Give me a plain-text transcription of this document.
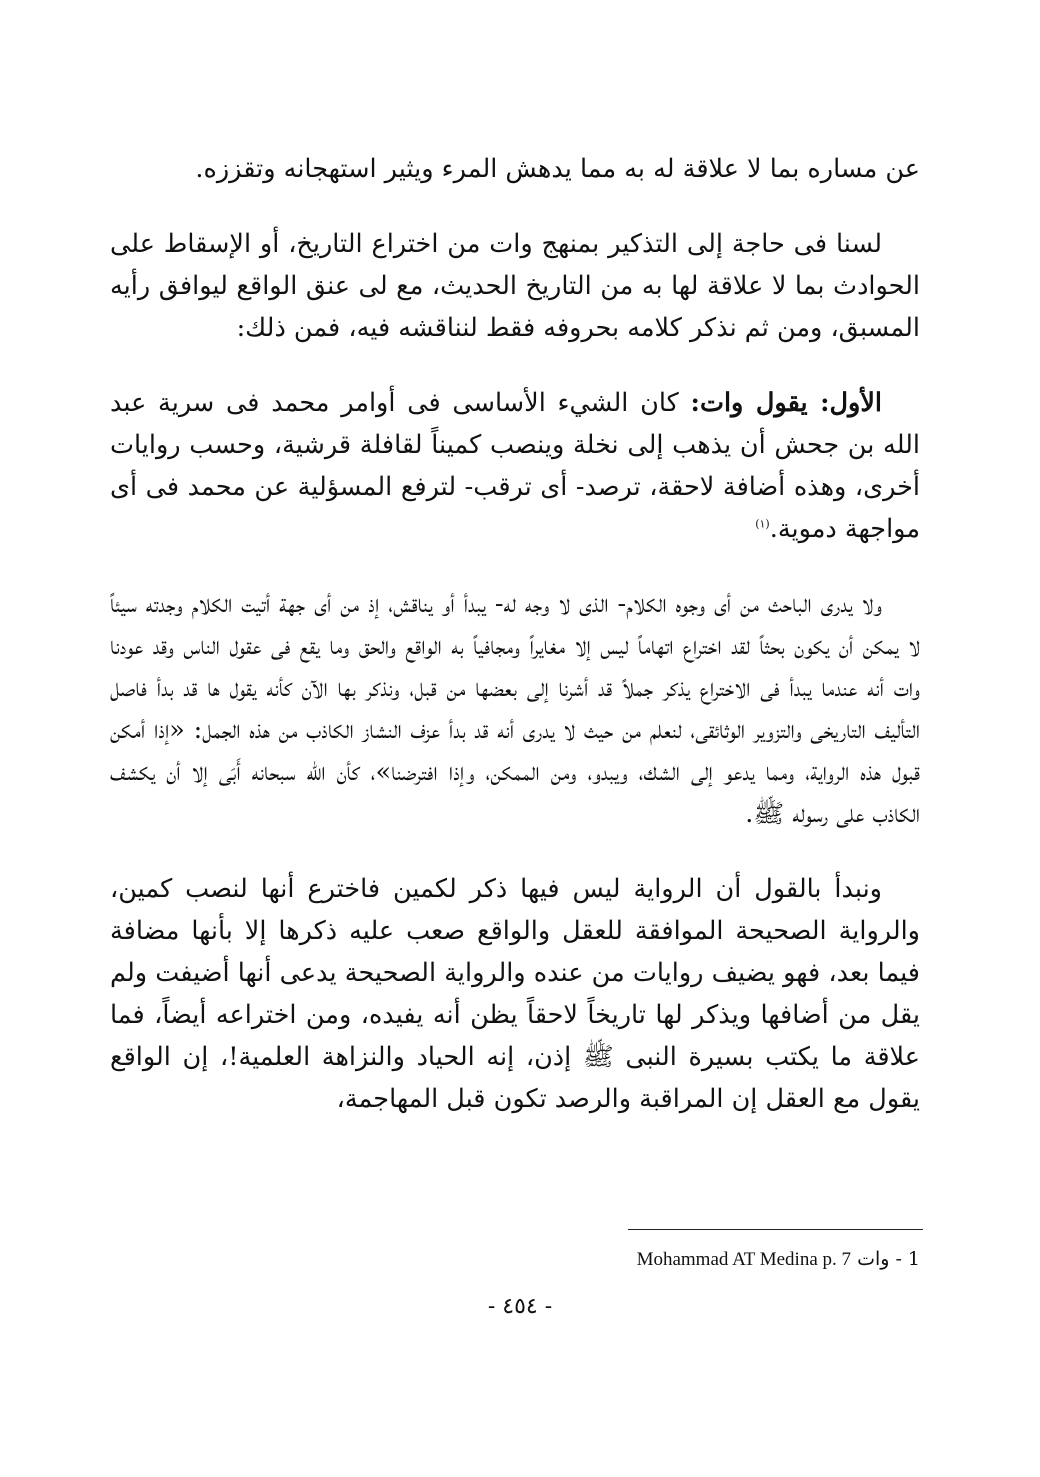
عن مساره بما لا علاقة له به مما يدهش المرء ويثير استهجانه وتقززه.

لسنا فى حاجة إلى التذكير بمنهج وات من اختراع التاريخ، أو الإسقاط على الحوادث بما لا علاقة لها به من التاريخ الحديث، مع لى عنق الواقع ليوافق رأيه المسبق، ومن ثم نذكر كلامه بحروفه فقط لنناقشه فيه، فمن ذلك:

الأول: يقول وات: كان الشيء الأساسى فى أوامر محمد فى سرية عبد الله بن جحش أن يذهب إلى نخلة وينصب كميناً لقافلة قرشية، وحسب روايات أخرى، وهذه أضافة لاحقة، ترصد- أى ترقب- لترفع المسؤلية عن محمد فى أى مواجهة دموية.$^{(١)}$

ولا يدرى الباحث من أى وجوه الكلام- الذى لا وجه له- يبدأ أو يناقش، إذ من أى جهة أتيت الكلام وجدته سيئاً لا يمكن أن يكون بحثاً لقد اختراع اتهاماً ليس إلا مغايراً ومجافياً به الواقع والحق وما يقع فى عقول الناس وقد عودنا وات أنه عندما يبدأ فى الاختراع يذكر جملاً قد أشرنا إلى بعضها من قبل، ونذكر بها الآن كأنه يقول ها قد بدأ فاصل التأليف التاريخى والتزوير الوثائقى، لنعلم من حيث لا يدرى أنه قد بدأ عزف النشاز الكاذب من هذه الجمل: «إذا أمكن قبول هذه الرواية، ومما يدعو إلى الشك، ويبدو، ومن الممكن، وإذا افترضنا»، كأن الله سبحانه أَبَى إلا أن يكشف الكاذب على رسوله ﷺ.

ونبدأ بالقول أن الرواية ليس فيها ذكر لكمين فاخترع أنها لنصب كمين، والرواية الصحيحة الموافقة للعقل والواقع صعب عليه ذكرها إلا بأنها مضافة فيما بعد، فهو يضيف روايات من عنده والرواية الصحيحة يدعى أنها أضيفت ولم يقل من أضافها ويذكر لها تاريخاً لاحقاً يظن أنه يفيده، ومن اختراعه أيضاً، فما علاقة ما يكتب بسيرة النبى ﷺ إذن، إنه الحياد والنزاهة العلمية!، إن الواقع يقول مع العقل إن المراقبة والرصد تكون قبل المهاجمة،

1 - وات Mohammad AT Medina p. 7
- ٤٥٤ -
